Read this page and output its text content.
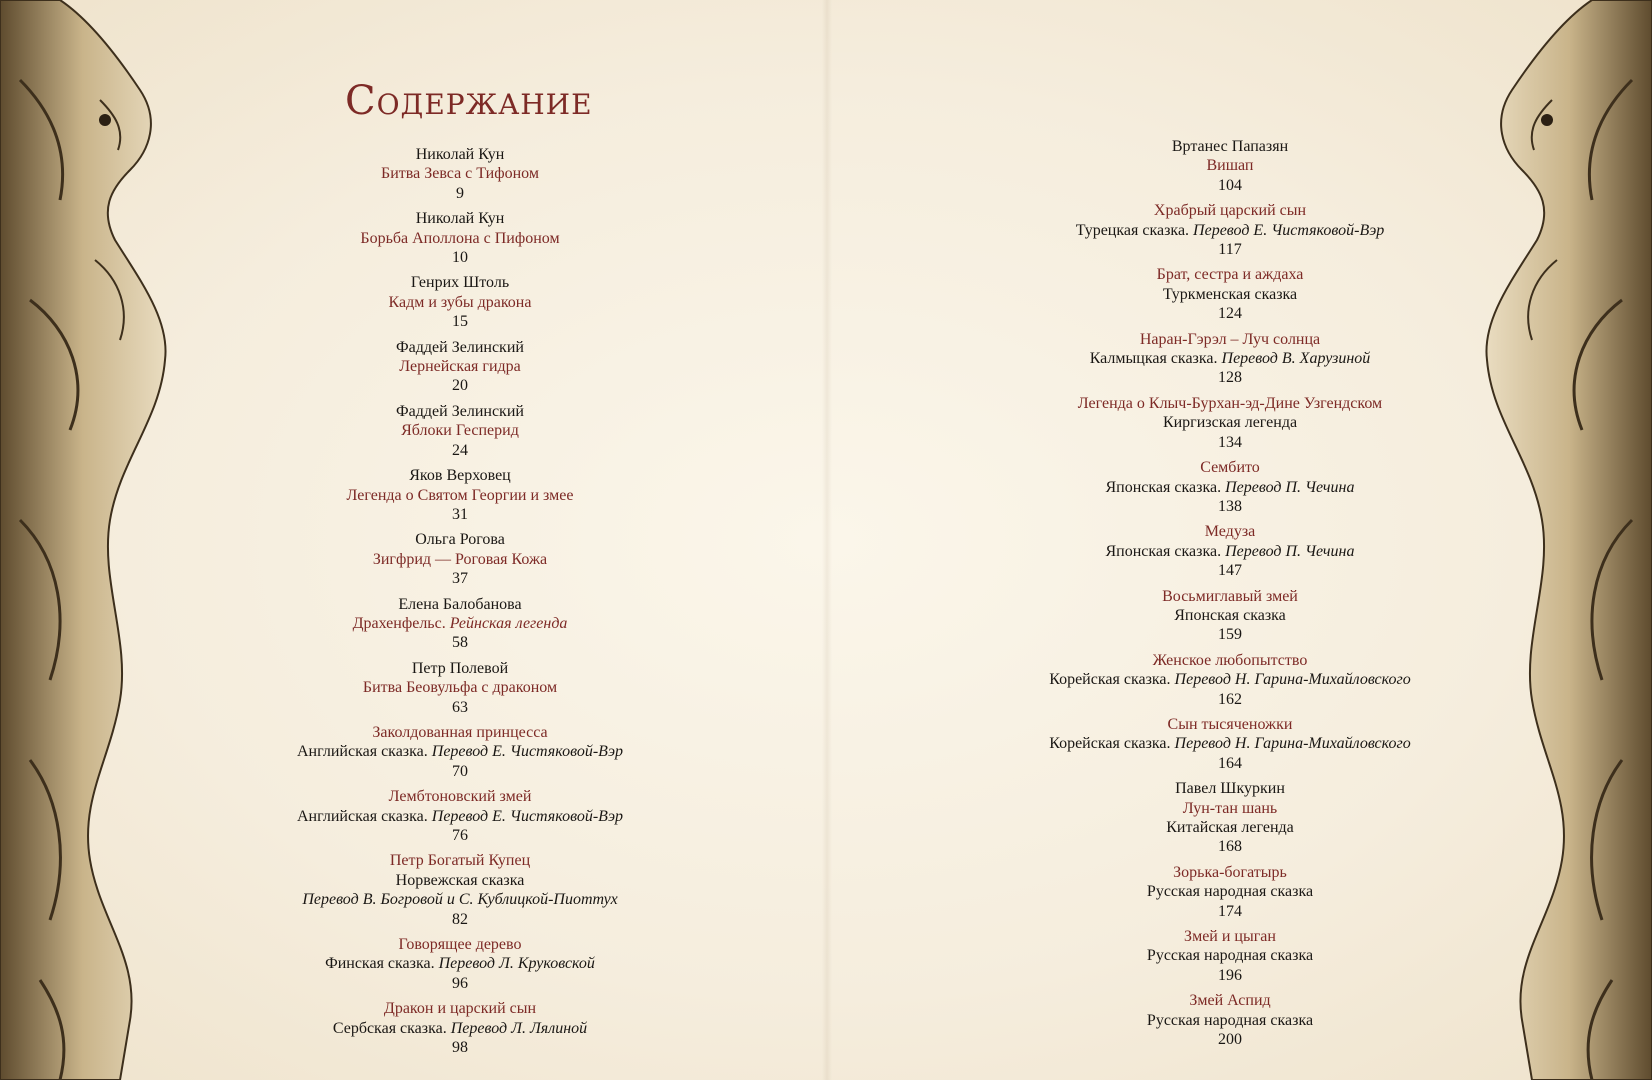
Содержание
Николай Кун
Битва Зевса с Тифоном
9
Николай Кун
Борьба Аполлона с Пифоном
10
Генрих Штоль
Кадм и зубы дракона
15
Фаддей Зелинский
Лернейская гидра
20
Фаддей Зелинский
Яблоки Гесперид
24
Яков Верховец
Легенда о Святом Георгии и змее
31
Ольга Рогова
Зигфрид — Роговая Кожа
37
Елена Балобанова
Драхенфельс. Рейнская легенда
58
Петр Полевой
Битва Беовульфа с драконом
63
Заколдованная принцесса
Английская сказка. Перевод Е. Чистяковой-Вэр
70
Лембтоновский змей
Английская сказка. Перевод Е. Чистяковой-Вэр
76
Петр Богатый Купец
Норвежская сказка
Перевод В. Богровой и С. Кублицкой-Пиоттух
82
Говорящее дерево
Финская сказка. Перевод Л. Круковской
96
Дракон и царский сын
Сербская сказка. Перевод Л. Лялиной
98
Вртанес Папазян
Вишап
104
Храбрый царский сын
Турецкая сказка. Перевод Е. Чистяковой-Вэр
117
Брат, сестра и аждаха
Туркменская сказка
124
Наран-Гэрэл – Луч солнца
Калмыцкая сказка. Перевод В. Харузиной
128
Легенда о Клыч-Бурхан-эд-Дине Узгендском
Киргизская легенда
134
Сембито
Японская сказка. Перевод П. Чечина
138
Медуза
Японская сказка. Перевод П. Чечина
147
Восьмиглавый змей
Японская сказка
159
Женское любопытство
Корейская сказка. Перевод Н. Гарина-Михайловского
162
Сын тысяченожки
Корейская сказка. Перевод Н. Гарина-Михайловского
164
Павел Шкуркин
Лун-тан шань
Китайская легенда
168
Зорька-богатырь
Русская народная сказка
174
Змей и цыган
Русская народная сказка
196
Змей Аспид
Русская народная сказка
200
